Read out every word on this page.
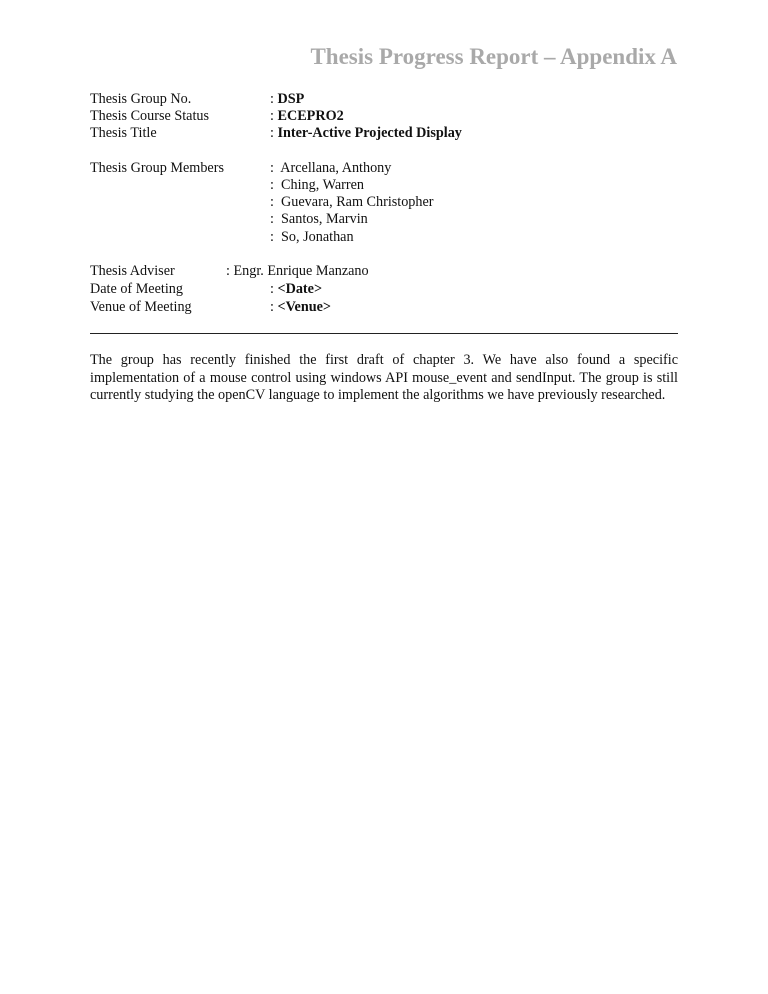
Thesis Progress Report – Appendix A
Thesis Group No.	: DSP
Thesis Course Status	: ECEPRO2
Thesis Title	: Inter-Active Projected Display
Thesis Group Members	: Arcellana, Anthony
: Ching, Warren
: Guevara, Ram Christopher
: Santos, Marvin
: So, Jonathan
Thesis Adviser	: Engr. Enrique Manzano
Date of Meeting	: <Date>
Venue of Meeting	: <Venue>

The group has recently finished the first draft of chapter 3. We have also found a specific implementation of a mouse control using windows API mouse_event and sendInput. The group is still currently studying the openCV language to implement the algorithms we have previously researched.
